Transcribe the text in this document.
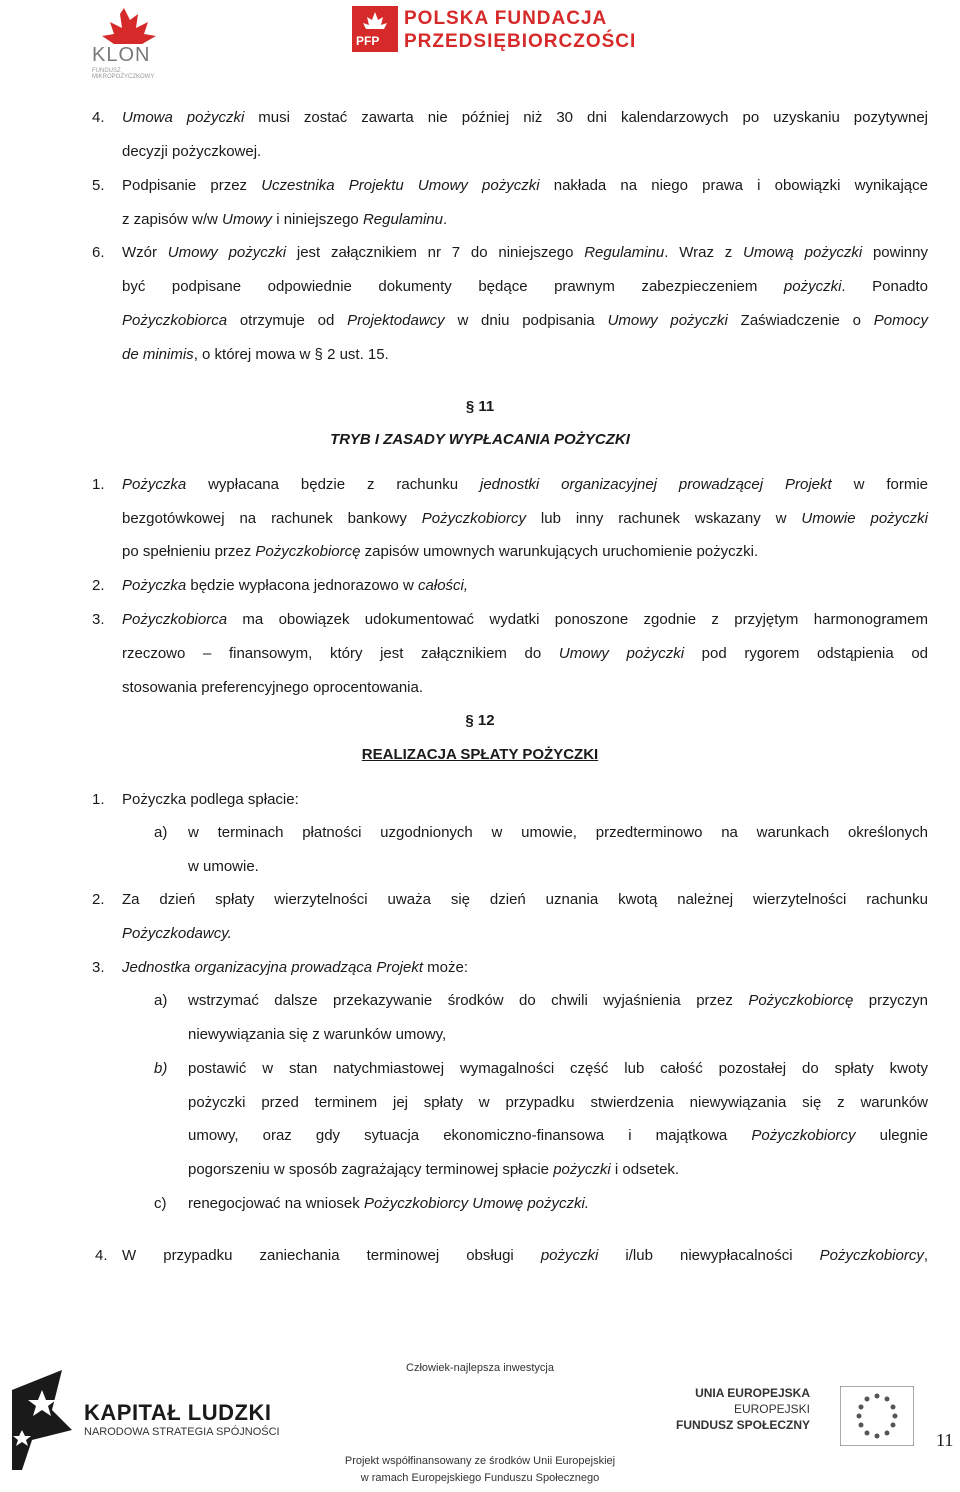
KLON
FUNDUSZ MIKROPOŻYCZKOWY
PFP
POLSKA FUNDACJA
PRZEDSIĘBIORCZOŚCI
4. Umowa pożyczki musi zostać zawarta nie później niż 30 dni kalendarzowych po uzyskaniu pozytywnej
decyzji pożyczkowej.
5. Podpisanie przez Uczestnika Projektu Umowy pożyczki nakłada na niego prawa i obowiązki wynikające
z zapisów w/w Umowy i niniejszego Regulaminu.
6. Wzór Umowy pożyczki jest załącznikiem nr 7 do niniejszego Regulaminu. Wraz z Umową pożyczki powinny
być podpisane odpowiednie dokumenty będące prawnym zabezpieczeniem pożyczki. Ponadto
Pożyczkobiorca otrzymuje od Projektodawcy w dniu podpisania Umowy pożyczki Zaświadczenie o Pomocy
de minimis, o której mowa w § 2 ust. 15.
§ 11
TRYB I ZASADY WYPŁACANIA POŻYCZKI
1. Pożyczka wypłacana będzie z rachunku jednostki organizacyjnej prowadzącej Projekt w formie
bezgotówkowej na rachunek bankowy Pożyczkobiorcy lub inny rachunek wskazany w Umowie pożyczki
po spełnieniu przez Pożyczkobiorcę zapisów umownych warunkujących uruchomienie pożyczki.
2. Pożyczka będzie wypłacona jednorazowo w całości,
3. Pożyczkobiorca ma obowiązek udokumentować wydatki ponoszone zgodnie z przyjętym harmonogramem
rzeczowo – finansowym, który jest załącznikiem do Umowy pożyczki pod rygorem odstąpienia od
stosowania preferencyjnego oprocentowania.
§ 12
REALIZACJA SPŁATY POŻYCZKI
1. Pożyczka podlega spłacie:
a) w terminach płatności uzgodnionych w umowie, przedterminowo na warunkach określonych
w umowie.
2. Za dzień spłaty wierzytelności uważa się dzień uznania kwotą należnej wierzytelności rachunku
Pożyczkodawcy.
3. Jednostka organizacyjna prowadząca Projekt może:
a) wstrzymać dalsze przekazywanie środków do chwili wyjaśnienia przez Pożyczkobiorcę przyczyn
niewywiązania się z warunków umowy,
b) postawić w stan natychmiastowej wymagalności część lub całość pozostałej do spłaty kwoty
pożyczki przed terminem jej spłaty w przypadku stwierdzenia niewywiązania się z warunków
umowy, oraz gdy sytuacja ekonomiczno-finansowa i majątkowa Pożyczkobiorcy ulegnie
pogorszeniu w sposób zagrażający terminowej spłacie pożyczki i odsetek.
c) renegocjować na wniosek Pożyczkobiorcy Umowę pożyczki.
4. W przypadku zaniechania terminowej obsługi pożyczki i/lub niewypłacalności Pożyczkobiorcy,
Człowiek-najlepsza inwestycja
KAPITAŁ LUDZKI
NARODOWA STRATEGIA SPÓJNOŚCI
UNIA EUROPEJSKA
EUROPEJSKI
FUNDUSZ SPOŁECZNY
Projekt współfinansowany ze środków Unii Europejskiej
w ramach Europejskiego Funduszu Społecznego
11
